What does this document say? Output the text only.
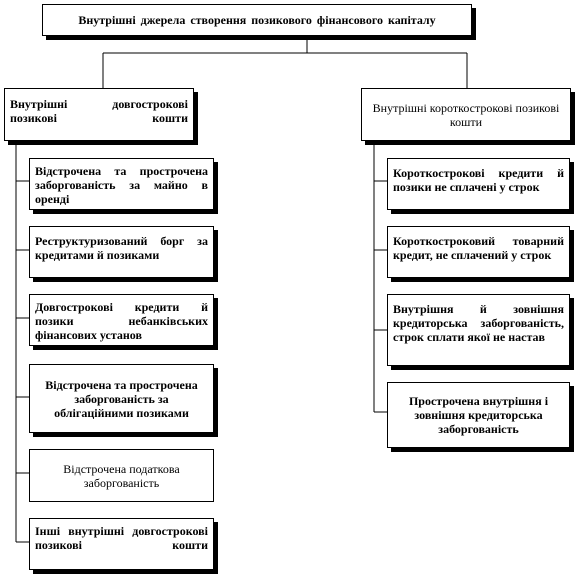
Внутрішні джерела створення позикового фінансового капіталу
Внутрішні довгострокові позикові кошти
Внутрішні короткострокові позикові кошти
Відстрочена та прострочена заборгованість за майно в оренді
Реструктуризований борг за кредитами й позиками
Довгострокові кредити й позики небанківських фінансових установ
Відстрочена та прострочена заборгованість за облігаційними позиками
Відстрочена податкова заборгованість
Інші внутрішні довгострокові позикові кошти
Короткострокові кредити й позики не сплачені у строк
Короткостроковий товарний кредит, не сплачений у строк
Внутрішня й зовнішня кредиторська заборгованість, строк сплати якої не настав
Прострочена внутрішня і зовнішня кредиторська заборгованість
